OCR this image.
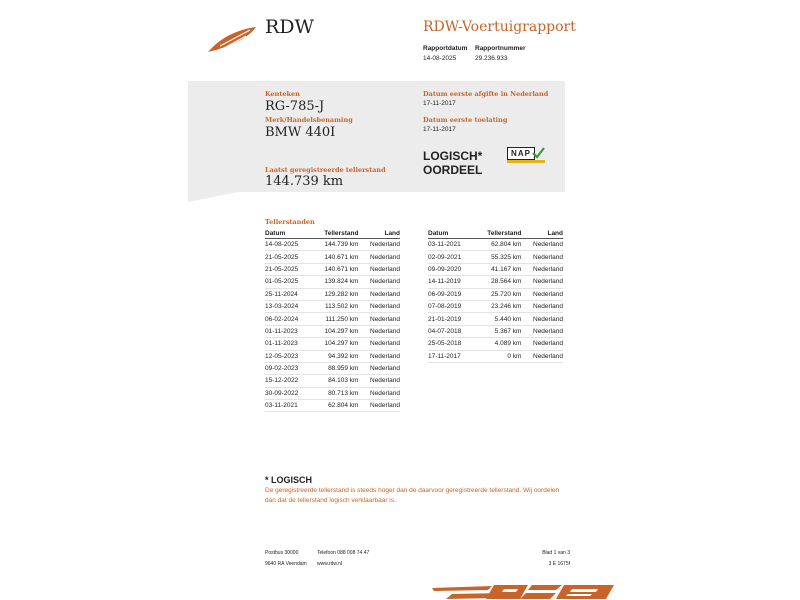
RDW	RDW-Voertuigrapport
Rapportdatum Rapportnummer
14-08-2025	29.236.933
Kenteken
RG-785-J
Merk/Handelsbenaming
BMW 440I
Datum eerste afgifte in Nederland
17-11-2017
Datum eerste toelating
17-11-2017
LOGISCH* OORDEEL
NAP
Laatst geregistreerde tellerstand
144.739 km
Tellerstanden
Datum	Tellerstand	Land
14-08-2025	144.739 km	Nederland
21-05-2025	140.671 km	Nederland
21-05-2025	140.671 km	Nederland
01-05-2025	139.824 km	Nederland
25-11-2024	129.282 km	Nederland
13-03-2024	113.502 km	Nederland
06-02-2024	111.250 km	Nederland
01-11-2023	104.297 km	Nederland
01-11-2023	104.297 km	Nederland
12-05-2023	94.392 km	Nederland
09-02-2023	88.959 km	Nederland
15-12-2022	84.103 km	Nederland
30-09-2022	80.713 km	Nederland
03-11-2021	62.804 km	Nederland
Datum	Tellerstand	Land
03-11-2021	62.804 km	Nederland
02-09-2021	55.325 km	Nederland
09-09-2020	41.167 km	Nederland
14-11-2019	28.564 km	Nederland
06-09-2019	25.720 km	Nederland
07-08-2019	23.246 km	Nederland
21-01-2019	5.440 km	Nederland
04-07-2018	5.367 km	Nederland
25-05-2018	4.089 km	Nederland
17-11-2017	0 km	Nederland
* LOGISCH
De geregistreerde tellerstand is steeds hoger dan de daarvoor geregistreerde tellerstand. Wij oordelen dan dat de tellerstand logisch verklaarbaar is.
Postbus 30000
9640 RA Veendam
Telefoon 088 008 74 47
www.rdw.nl
Blad 1 van 3
3 E 1675f
